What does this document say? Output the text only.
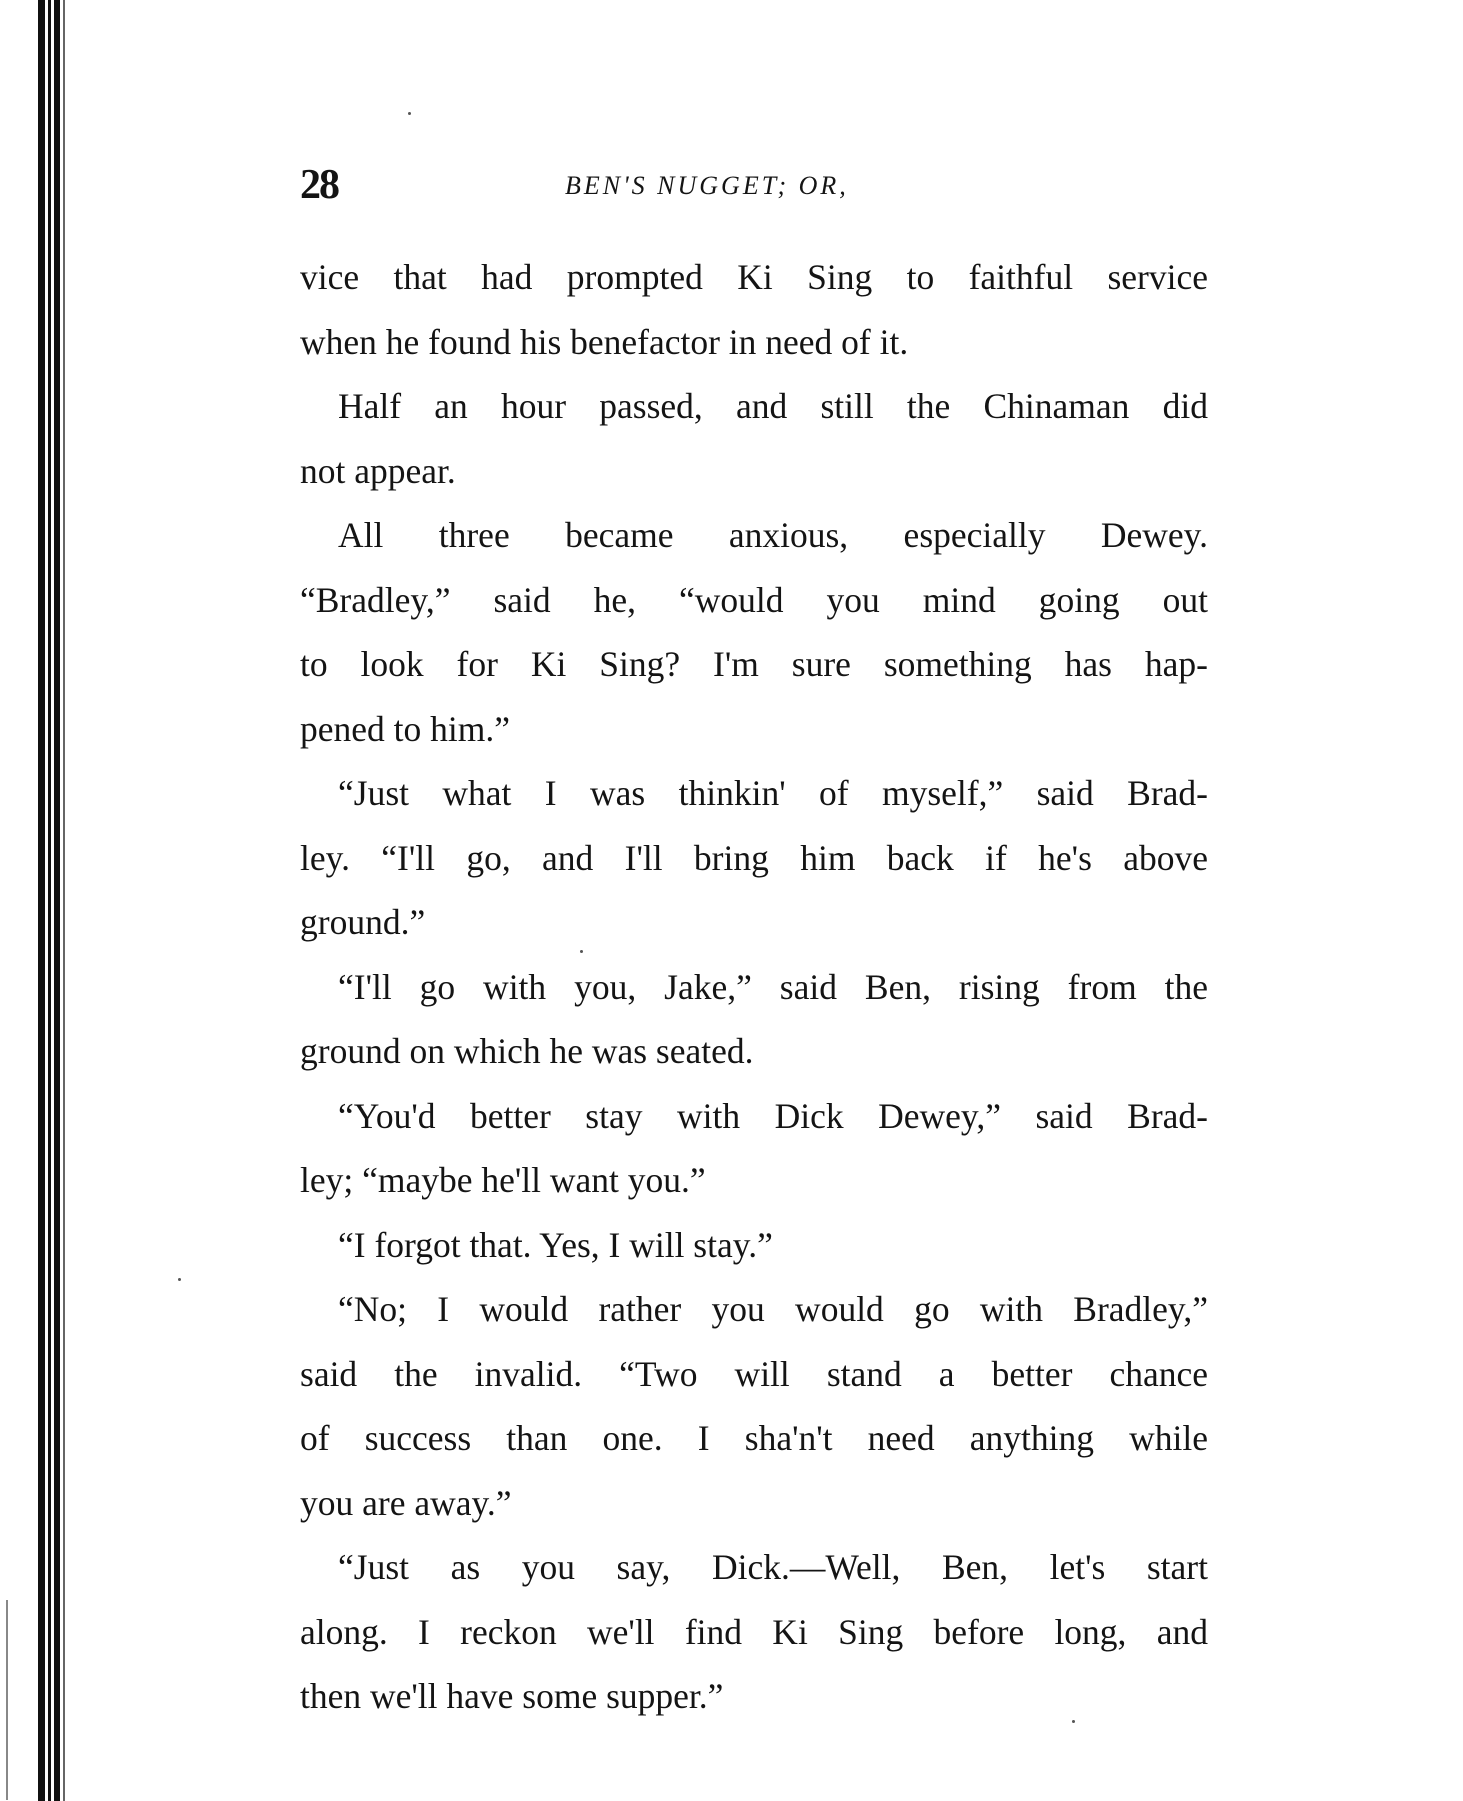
28	BEN'S NUGGET; OR,
vice that had prompted Ki Sing to faithful service
when he found his benefactor in need of it.
Half an hour passed, and still the Chinaman did
not appear.
All three became anxious, especially Dewey.
“Bradley,” said he, “would you mind going out
to look for Ki Sing? I'm sure something has hap-
pened to him.”
“Just what I was thinkin' of myself,” said Brad-
ley. “I'll go, and I'll bring him back if he's above
ground.”
“I'll go with you, Jake,” said Ben, rising from the
ground on which he was seated.
“You'd better stay with Dick Dewey,” said Brad-
ley; “maybe he'll want you.”
“I forgot that. Yes, I will stay.”
“No; I would rather you would go with Bradley,”
said the invalid. “Two will stand a better chance
of success than one. I sha'n't need anything while
you are away.”
“Just as you say, Dick.—Well, Ben, let's start
along. I reckon we'll find Ki Sing before long, and
then we'll have some supper.”
